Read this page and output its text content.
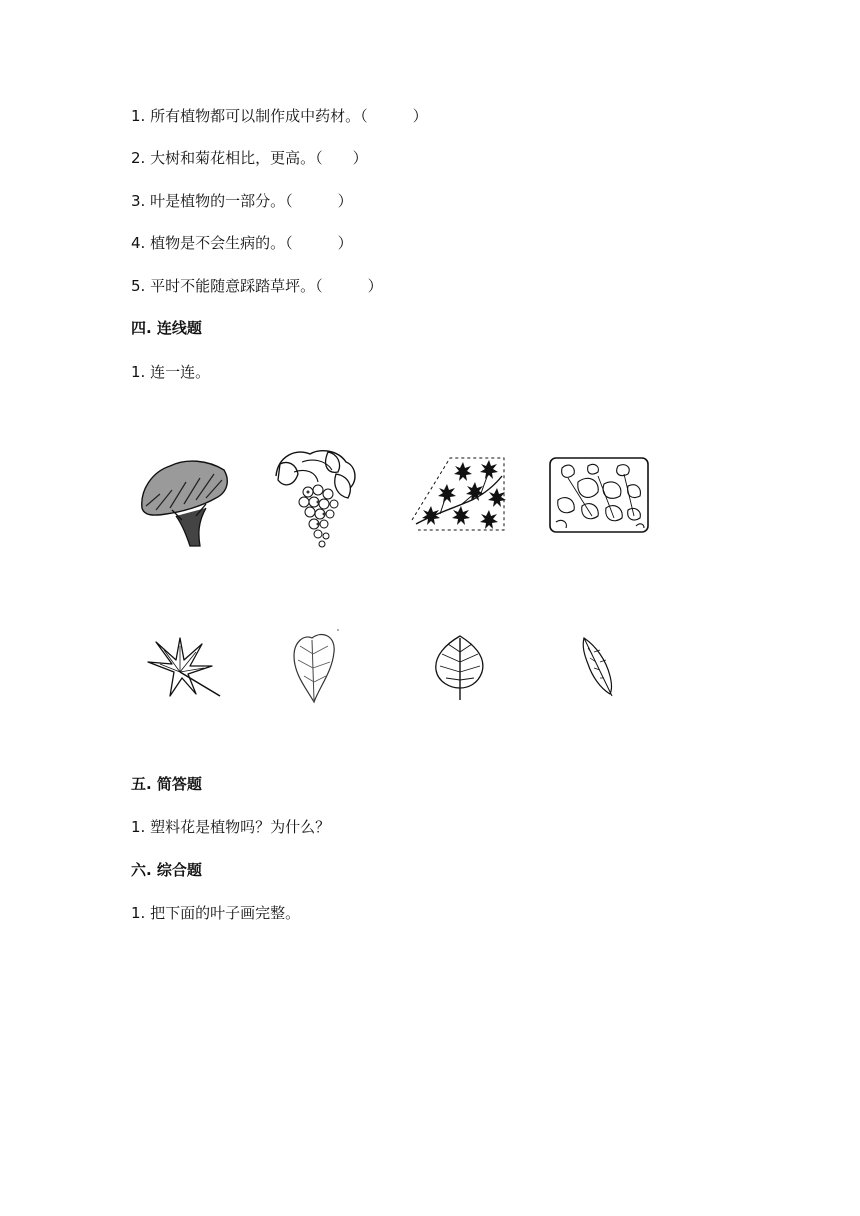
1. 所有植物都可以制作成中药材。（　　　）
2. 大树和菊花相比，更高。（　　）
3. 叶是植物的一部分。（　　　）
4. 植物是不会生病的。（　　　）
5. 平时不能随意踩踏草坪。（　　　）
四. 连线题
1. 连一连。
五. 简答题
1. 塑料花是植物吗？为什么？
六. 综合题
1. 把下面的叶子画完整。
